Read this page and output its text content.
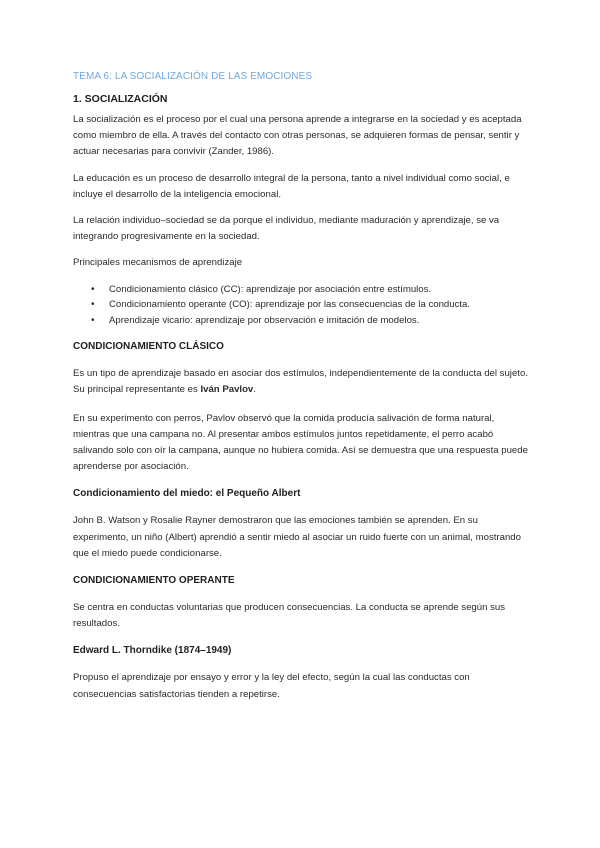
TEMA 6: LA SOCIALIZACIÓN DE LAS EMOCIONES
1. SOCIALIZACIÓN

La socialización es el proceso por el cual una persona aprende a integrarse en la sociedad y es aceptada como miembro de ella. A través del contacto con otras personas, se adquieren formas de pensar, sentir y actuar necesarias para convivir (Zander, 1986).

La educación es un proceso de desarrollo integral de la persona, tanto a nivel individual como social, e incluye el desarrollo de la inteligencia emocional.

La relación individuo–sociedad se da porque el individuo, mediante maduración y aprendizaje, se va integrando progresivamente en la sociedad.

Principales mecanismos de aprendizaje

• Condicionamiento clásico (CC): aprendizaje por asociación entre estímulos.
• Condicionamiento operante (CO): aprendizaje por las consecuencias de la conducta.
• Aprendizaje vicario: aprendizaje por observación e imitación de modelos.
CONDICIONAMIENTO CLÁSICO

Es un tipo de aprendizaje basado en asociar dos estímulos, independientemente de la conducta del sujeto. Su principal representante es Iván Pavlov.

En su experimento con perros, Pavlov observó que la comida producía salivación de forma natural, mientras que una campana no. Al presentar ambos estímulos juntos repetidamente, el perro acabó salivando solo con oír la campana, aunque no hubiera comida. Así se demuestra que una respuesta puede aprenderse por asociación.

Condicionamiento del miedo: el Pequeño Albert

John B. Watson y Rosalie Rayner demostraron que las emociones también se aprenden. En su experimento, un niño (Albert) aprendió a sentir miedo al asociar un ruido fuerte con un animal, mostrando que el miedo puede condicionarse.

CONDICIONAMIENTO OPERANTE

Se centra en conductas voluntarias que producen consecuencias. La conducta se aprende según sus resultados.

Edward L. Thorndike (1874–1949)

Propuso el aprendizaje por ensayo y error y la ley del efecto, según la cual las conductas con consecuencias satisfactorias tienden a repetirse.
